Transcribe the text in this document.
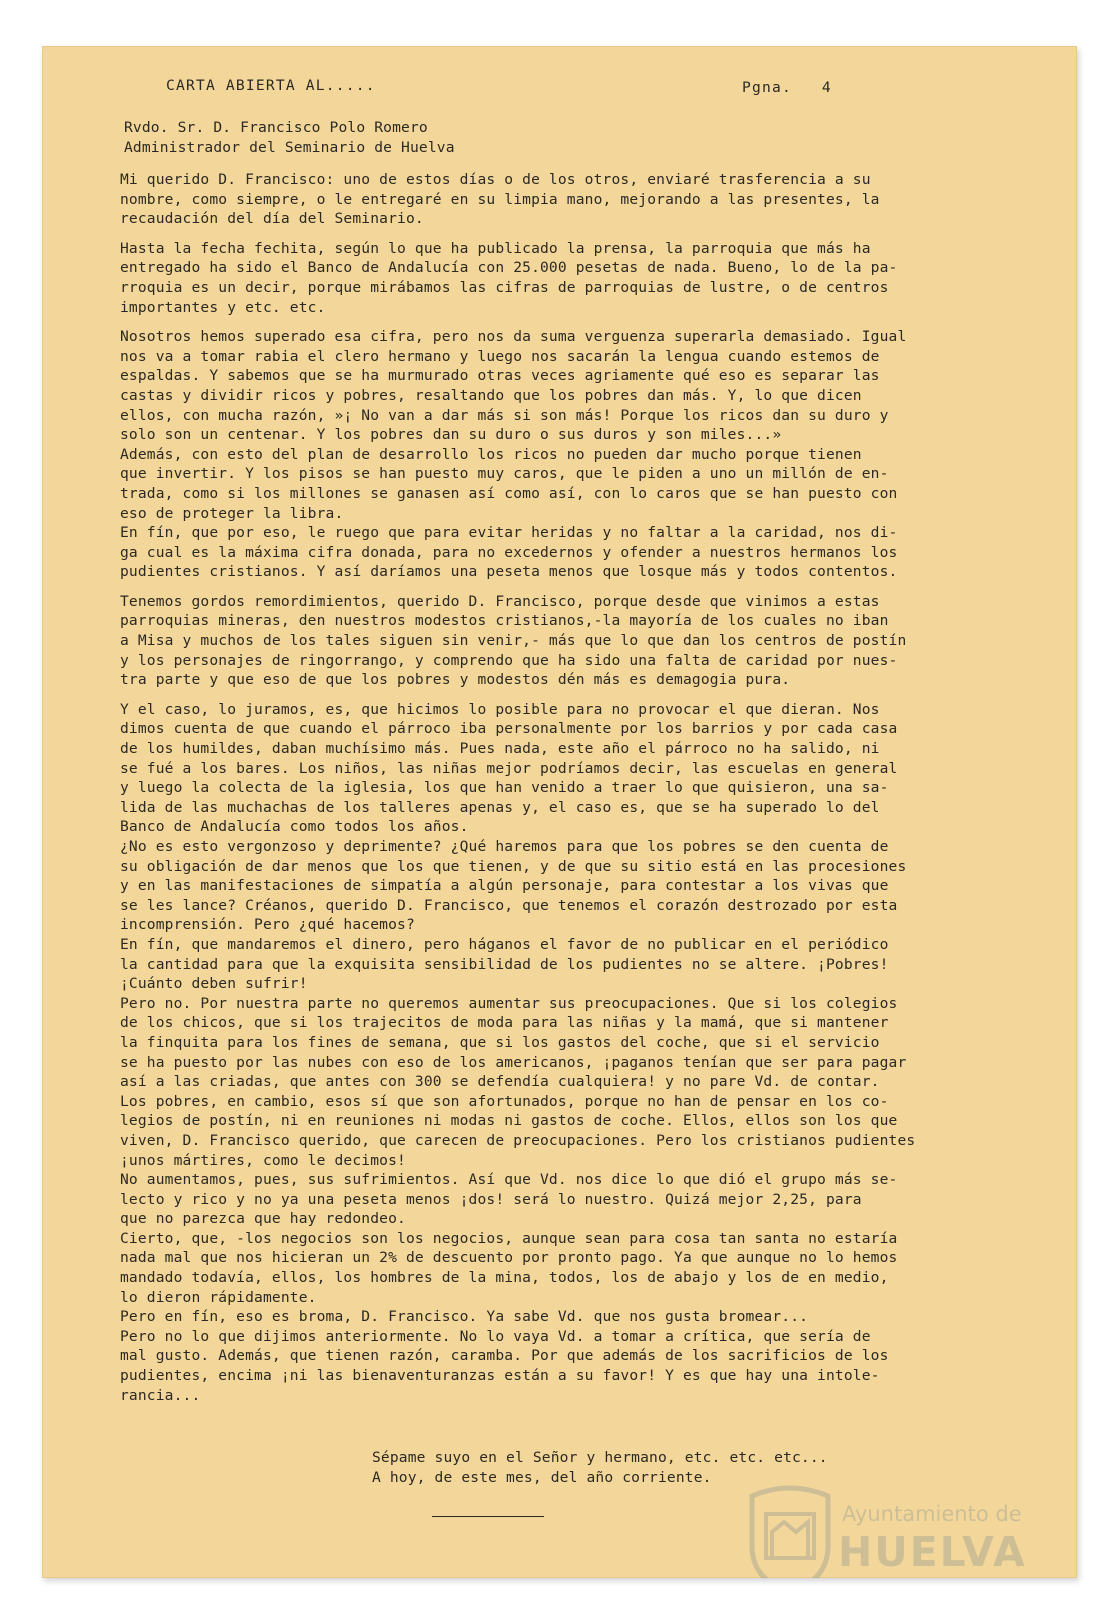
CARTA ABIERTA AL.....	Pgna.   4
Rvdo. Sr. D. Francisco Polo Romero
Administrador del Seminario de Huelva

Mi querido D. Francisco: uno de estos días o de los otros, enviaré trasferencia a su
nombre, como siempre, o le entregaré en su limpia mano, mejorando a las presentes, la
recaudación del día del Seminario.

Hasta la fecha fechita, según lo que ha publicado la prensa, la parroquia que más ha
entregado ha sido el Banco de Andalucía con 25.000 pesetas de nada. Bueno, lo de la pa-
rroquia es un decir, porque mirábamos las cifras de parroquias de lustre, o de centros
importantes y etc. etc.

Nosotros hemos superado esa cifra, pero nos da suma verguenza superarla demasiado. Igual
nos va a tomar rabia el clero hermano y luego nos sacarán la lengua cuando estemos de
espaldas. Y sabemos que se ha murmurado otras veces agriamente qué eso es separar las
castas y dividir ricos y pobres, resaltando que los pobres dan más. Y, lo que dicen
ellos, con mucha razón, »¡ No van a dar más si son más! Porque los ricos dan su duro y
solo son un centenar. Y los pobres dan su duro o sus duros y son miles...»
Además, con esto del plan de desarrollo los ricos no pueden dar mucho porque tienen
que invertir. Y los pisos se han puesto muy caros, que le piden a uno un millón de en-
trada, como si los millones se ganasen así como así, con lo caros que se han puesto con
eso de proteger la libra.
En fín, que por eso, le ruego que para evitar heridas y no faltar a la caridad, nos di-
ga cual es la máxima cifra donada, para no excedernos y ofender a nuestros hermanos los
pudientes cristianos. Y así daríamos una peseta menos que losque más y todos contentos.

Tenemos gordos remordimientos, querido D. Francisco, porque desde que vinimos a estas
parroquias mineras, den nuestros modestos cristianos,-la mayoría de los cuales no iban
a Misa y muchos de los tales siguen sin venir,- más que lo que dan los centros de postín
y los personajes de ringorrango, y comprendo que ha sido una falta de caridad por nues-
tra parte y que eso de que los pobres y modestos dén más es demagogia pura.

Y el caso, lo juramos, es, que hicimos lo posible para no provocar el que dieran. Nos
dimos cuenta de que cuando el párroco iba personalmente por los barrios y por cada casa
de los humildes, daban muchísimo más. Pues nada, este año el párroco no ha salido, ni
se fué a los bares. Los niños, las niñas mejor podríamos decir, las escuelas en general
y luego la colecta de la iglesia, los que han venido a traer lo que quisieron, una sa-
lida de las muchachas de los talleres apenas y, el caso es, que se ha superado lo del
Banco de Andalucía como todos los años.
¿No es esto vergonzoso y deprimente? ¿Qué haremos para que los pobres se den cuenta de
su obligación de dar menos que los que tienen, y de que su sitio está en las procesiones
y en las manifestaciones de simpatía a algún personaje, para contestar a los vivas que
se les lance? Créanos, querido D. Francisco, que tenemos el corazón destrozado por esta
incomprensión. Pero ¿qué hacemos?
En fín, que mandaremos el dinero, pero háganos el favor de no publicar en el periódico
la cantidad para que la exquisita sensibilidad de los pudientes no se altere. ¡Pobres!
¡Cuánto deben sufrir!
Pero no. Por nuestra parte no queremos aumentar sus preocupaciones. Que si los colegios
de los chicos, que si los trajecitos de moda para las niñas y la mamá, que si mantener
la finquita para los fines de semana, que si los gastos del coche, que si el servicio
se ha puesto por las nubes con eso de los americanos, ¡paganos tenían que ser para pagar
así a las criadas, que antes con 300 se defendía cualquiera! y no pare Vd. de contar.
Los pobres, en cambio, esos sí que son afortunados, porque no han de pensar en los co-
legios de postín, ni en reuniones ni modas ni gastos de coche. Ellos, ellos son los que
viven, D. Francisco querido, que carecen de preocupaciones. Pero los cristianos pudientes
¡unos mártires, como le decimos!
No aumentamos, pues, sus sufrimientos. Así que Vd. nos dice lo que dió el grupo más se-
lecto y rico y no ya una peseta menos ¡dos! será lo nuestro. Quizá mejor 2,25, para
que no parezca que hay redondeo.
Cierto, que, -los negocios son los negocios, aunque sean para cosa tan santa no estaría
nada mal que nos hicieran un 2% de descuento por pronto pago. Ya que aunque no lo hemos
mandado todavía, ellos, los hombres de la mina, todos, los de abajo y los de en medio,
lo dieron rápidamente.
Pero en fín, eso es broma, D. Francisco. Ya sabe Vd. que nos gusta bromear...
Pero no lo que dijimos anteriormente. No lo vaya Vd. a tomar a crítica, que sería de
mal gusto. Además, que tienen razón, caramba. Por que además de los sacrificios de los
pudientes, encima ¡ni las bienaventuranzas están a su favor! Y es que hay una intole-
rancia...

Sépame suyo en el Señor y hermano, etc. etc. etc...
A hoy, de este mes, del año corriente.
Ayuntamiento de
HUELVA
